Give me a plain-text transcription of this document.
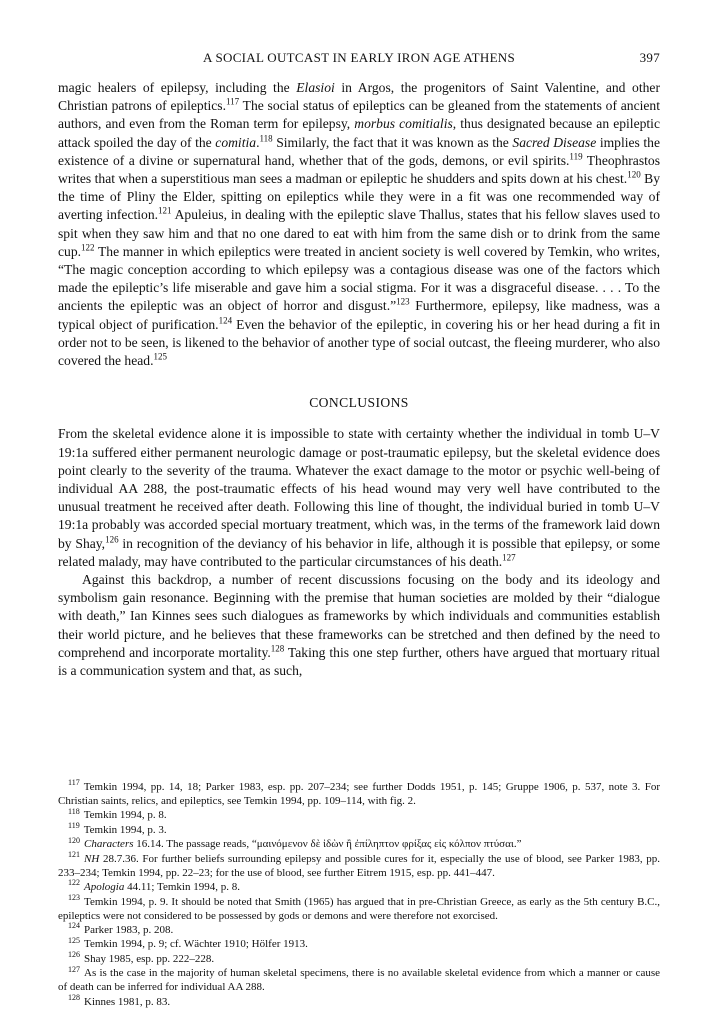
A SOCIAL OUTCAST IN EARLY IRON AGE ATHENS	397

magic healers of epilepsy, including the Elasioi in Argos, the progenitors of Saint Valentine, and other Christian patrons of epileptics.$^{117}$ The social status of epileptics can be gleaned from the statements of ancient authors, and even from the Roman term for epilepsy, morbus comitialis, thus designated because an epileptic attack spoiled the day of the comitia.$^{118}$ Similarly, the fact that it was known as the Sacred Disease implies the existence of a divine or supernatural hand, whether that of the gods, demons, or evil spirits.$^{119}$ Theophrastos writes that when a superstitious man sees a madman or epileptic he shudders and spits down at his chest.$^{120}$ By the time of Pliny the Elder, spitting on epileptics while they were in a fit was one recommended way of averting infection.$^{121}$ Apuleius, in dealing with the epileptic slave Thallus, states that his fellow slaves used to spit when they saw him and that no one dared to eat with him from the same dish or to drink from the same cup.$^{122}$ The manner in which epileptics were treated in ancient society is well covered by Temkin, who writes, “The magic conception according to which epilepsy was a contagious disease was one of the factors which made the epileptic’s life miserable and gave him a social stigma. For it was a disgraceful disease. . . . To the ancients the epileptic was an object of horror and disgust.”$^{123}$ Furthermore, epilepsy, like madness, was a typical object of purification.$^{124}$ Even the behavior of the epileptic, in covering his or her head during a fit in order not to be seen, is likened to the behavior of another type of social outcast, the fleeing murderer, who also covered the head.$^{125}$

CONCLUSIONS

From the skeletal evidence alone it is impossible to state with certainty whether the individual in tomb U–V 19:1a suffered either permanent neurologic damage or post-traumatic epilepsy, but the skeletal evidence does point clearly to the severity of the trauma. Whatever the exact damage to the motor or psychic well-being of individual AA 288, the post-traumatic effects of his head wound may very well have contributed to the unusual treatment he received after death. Following this line of thought, the individual buried in tomb U–V 19:1a probably was accorded special mortuary treatment, which was, in the terms of the framework laid down by Shay,$^{126}$ in recognition of the deviancy of his behavior in life, although it is possible that epilepsy, or some related malady, may have contributed to the particular circumstances of his death.$^{127}$

Against this backdrop, a number of recent discussions focusing on the body and its ideology and symbolism gain resonance. Beginning with the premise that human societies are molded by their “dialogue with death,” Ian Kinnes sees such dialogues as frameworks by which individuals and communities establish their world picture, and he believes that these frameworks can be stretched and then defined by the need to comprehend and incorporate mortality.$^{128}$ Taking this one step further, others have argued that mortuary ritual is a communication system and that, as such,

$^{117}$ Temkin 1994, pp. 14, 18; Parker 1983, esp. pp. 207–234; see further Dodds 1951, p. 145; Gruppe 1906, p. 537, note 3. For Christian saints, relics, and epileptics, see Temkin 1994, pp. 109–114, with fig. 2.

$^{118}$ Temkin 1994, p. 8.

$^{119}$ Temkin 1994, p. 3.

$^{120}$ Characters 16.14. The passage reads, “μαινόμενον δὲ ἰδὼν ἢ ἐπίληπτον φρίξας εἰς κόλπον πτύσαι.”

$^{121}$ NH 28.7.36. For further beliefs surrounding epilepsy and possible cures for it, especially the use of blood, see Parker 1983, pp. 233–234; Temkin 1994, pp. 22–23; for the use of blood, see further Eitrem 1915, esp. pp. 441–447.

$^{122}$ Apologia 44.11; Temkin 1994, p. 8.

$^{123}$ Temkin 1994, p. 9. It should be noted that Smith (1965) has argued that in pre-Christian Greece, as early as the 5th century B.C., epileptics were not considered to be possessed by gods or demons and were therefore not exorcised.

$^{124}$ Parker 1983, p. 208.

$^{125}$ Temkin 1994, p. 9; cf. Wächter 1910; Hölfer 1913.

$^{126}$ Shay 1985, esp. pp. 222–228.

$^{127}$ As is the case in the majority of human skeletal specimens, there is no available skeletal evidence from which a manner or cause of death can be inferred for individual AA 288.

$^{128}$ Kinnes 1981, p. 83.
